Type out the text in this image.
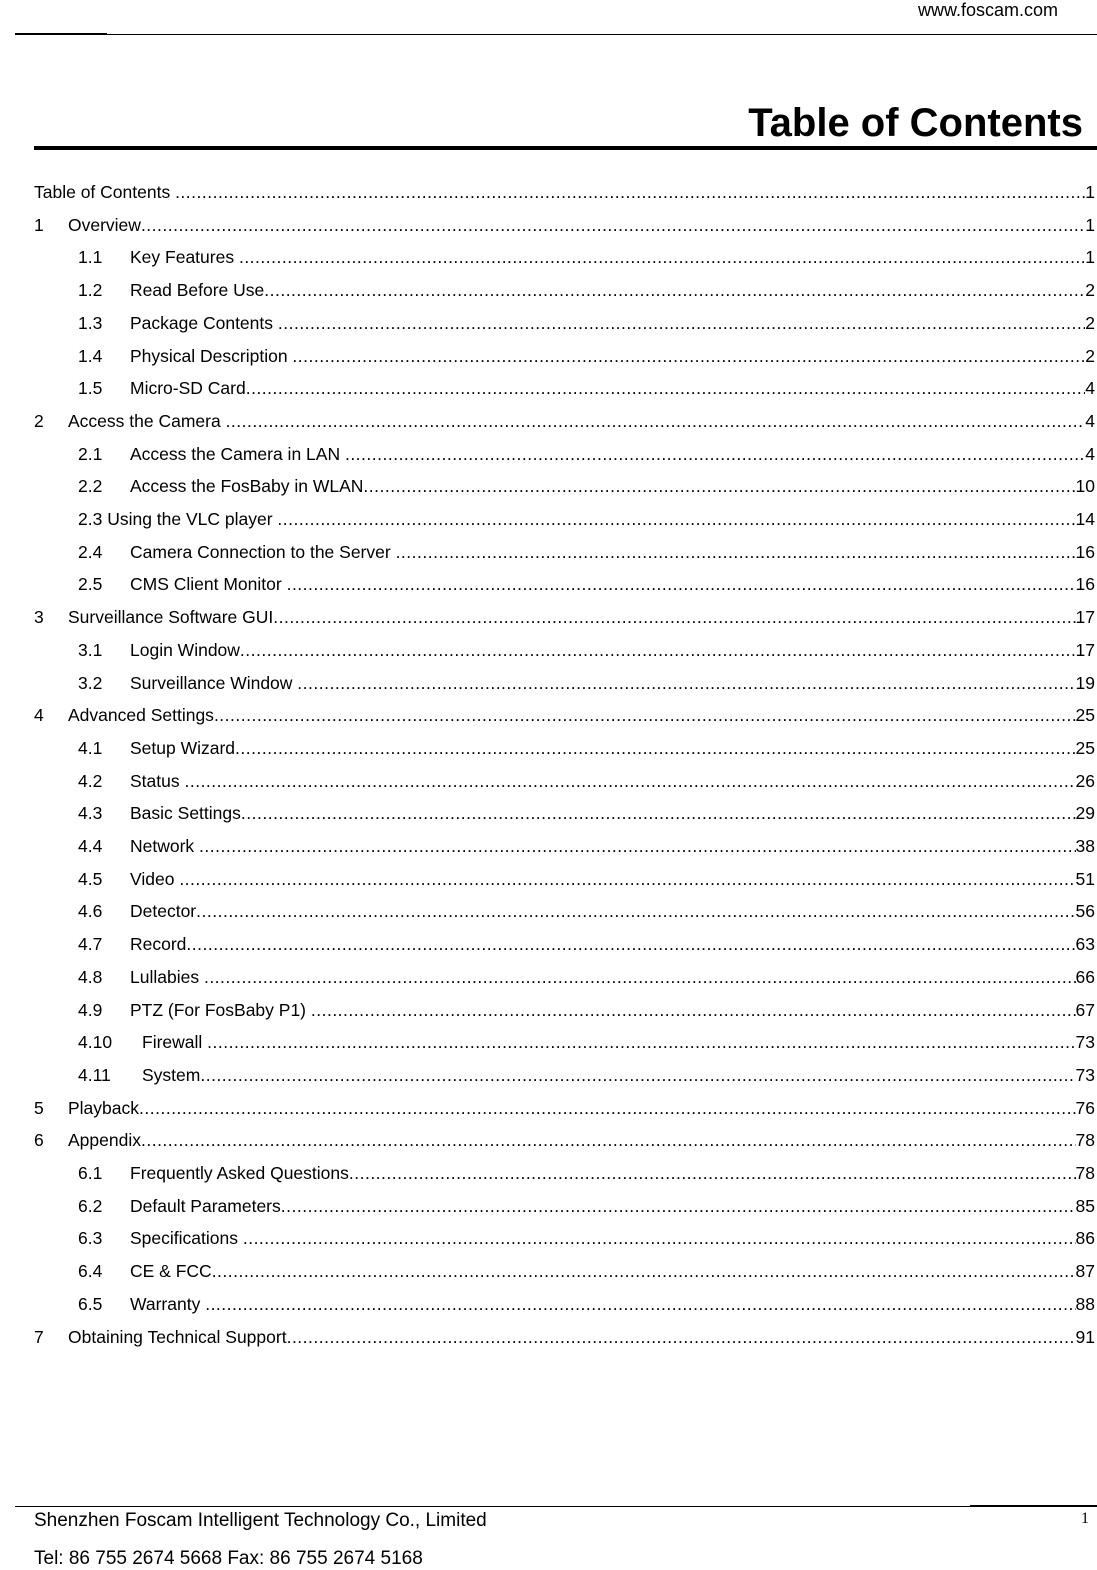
www.foscam.com
Table of Contents
Table of Contents .....	1
1	Overview .....	1
1.1	Key Features .....	1
1.2	Read Before Use .....	2
1.3	Package Contents .....	2
1.4	Physical Description .....	2
1.5	Micro-SD Card .....	4
2	Access the Camera .....	4
2.1	Access the Camera in LAN .....	4
2.2	Access the FosBaby in WLAN .....	10
2.3 Using the VLC player .....	14
2.4	Camera Connection to the Server .....	16
2.5	CMS Client Monitor .....	16
3	Surveillance Software GUI .....	17
3.1	Login Window .....	17
3.2	Surveillance Window .....	19
4	Advanced Settings .....	25
4.1	Setup Wizard .....	25
4.2	Status .....	26
4.3	Basic Settings .....	29
4.4	Network .....	38
4.5	Video .....	51
4.6	Detector .....	56
4.7	Record .....	63
4.8	Lullabies .....	66
4.9	PTZ (For FosBaby P1) .....	67
4.10	Firewall .....	73
4.11	System .....	73
5	Playback .....	76
6	Appendix .....	78
6.1	Frequently Asked Questions .....	78
6.2	Default Parameters .....	85
6.3	Specifications .....	86
6.4	CE & FCC .....	87
6.5	Warranty .....	88
7	Obtaining Technical Support .....	91
Shenzhen Foscam Intelligent Technology Co., Limited
Tel: 86 755 2674 5668 Fax: 86 755 2674 5168
1
